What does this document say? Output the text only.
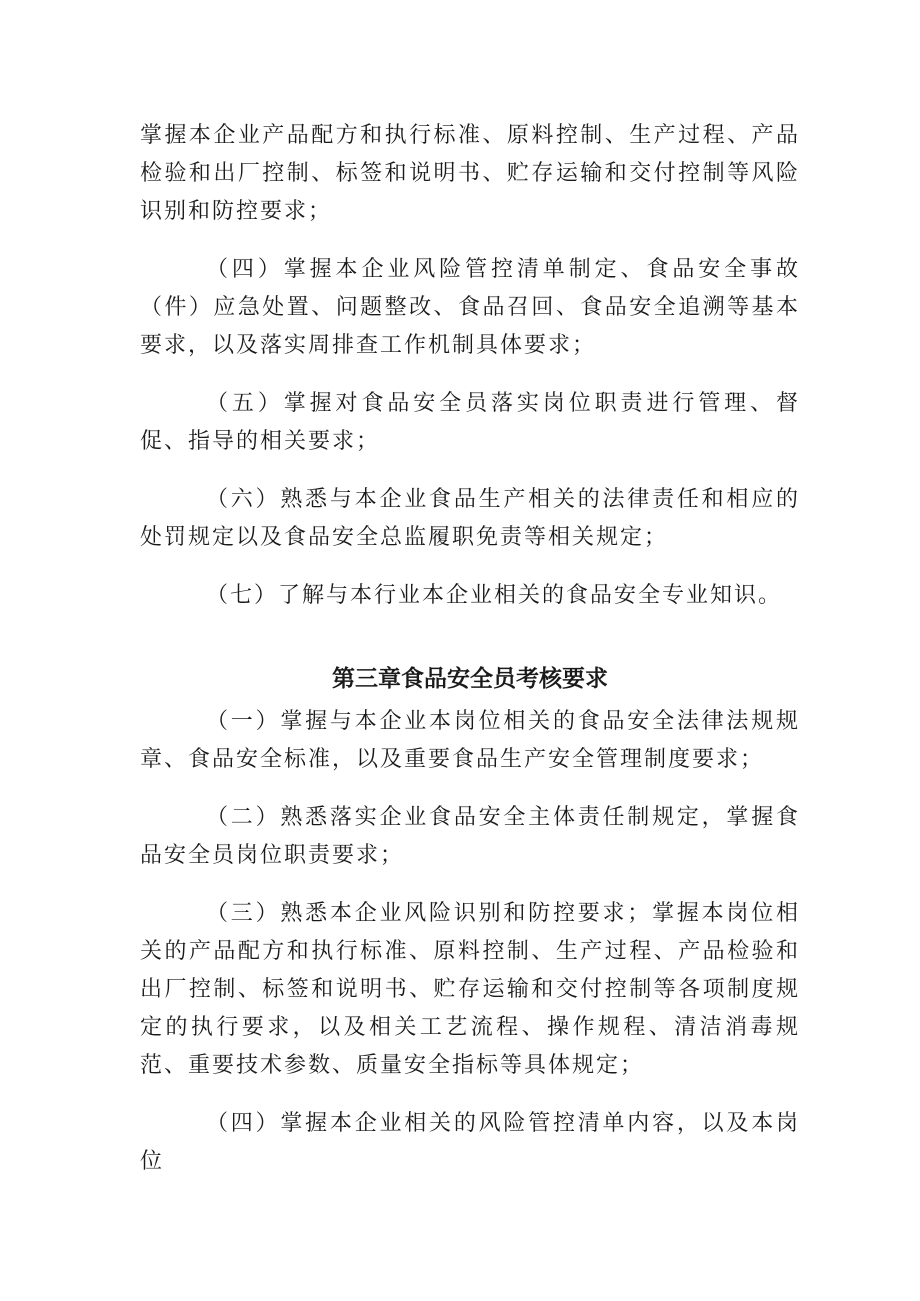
掌握本企业产品配方和执行标准、原料控制、生产过程、产品检验和出厂控制、标签和说明书、贮存运输和交付控制等风险识别和防控要求；

（四）掌握本企业风险管控清单制定、食品安全事故（件）应急处置、问题整改、食品召回、食品安全追溯等基本要求，以及落实周排查工作机制具体要求；

（五）掌握对食品安全员落实岗位职责进行管理、督促、指导的相关要求；

（六）熟悉与本企业食品生产相关的法律责任和相应的处罚规定以及食品安全总监履职免责等相关规定；

（七）了解与本行业本企业相关的食品安全专业知识。

第三章食品安全员考核要求

（一）掌握与本企业本岗位相关的食品安全法律法规规章、食品安全标准，以及重要食品生产安全管理制度要求；

（二）熟悉落实企业食品安全主体责任制规定，掌握食品安全员岗位职责要求；

（三）熟悉本企业风险识别和防控要求；掌握本岗位相关的产品配方和执行标准、原料控制、生产过程、产品检验和出厂控制、标签和说明书、贮存运输和交付控制等各项制度规定的执行要求，以及相关工艺流程、操作规程、清洁消毒规范、重要技术参数、质量安全指标等具体规定；

（四）掌握本企业相关的风险管控清单内容，以及本岗位
